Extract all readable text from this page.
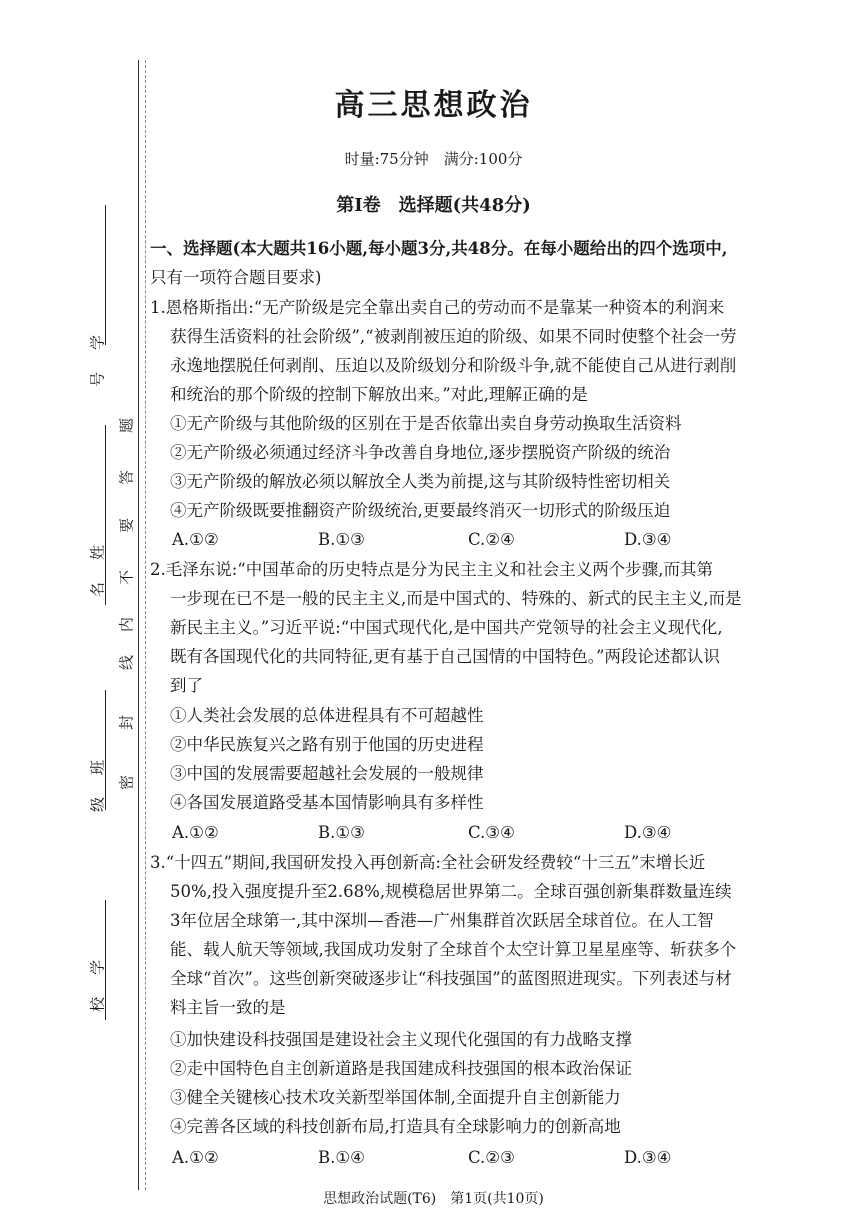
学
号
姓
名
班
级
学
校
密
封
线
内
不
要
答
题
高三思想政治
时量:75分钟　满分:100分
第Ⅰ卷　选择题(共48分)
一、选择题(本大题共16小题,每小题3分,共48分。在每小题给出的四个选项中,
只有一项符合题目要求)
1.恩格斯指出:“无产阶级是完全靠出卖自己的劳动而不是靠某一种资本的利润来
获得生活资料的社会阶级”,“被剥削被压迫的阶级、如果不同时使整个社会一劳
永逸地摆脱任何剥削、压迫以及阶级划分和阶级斗争,就不能使自己从进行剥削
和统治的那个阶级的控制下解放出来。”对此,理解正确的是
①无产阶级与其他阶级的区别在于是否依靠出卖自身劳动换取生活资料
②无产阶级必须通过经济斗争改善自身地位,逐步摆脱资产阶级的统治
③无产阶级的解放必须以解放全人类为前提,这与其阶级特性密切相关
④无产阶级既要推翻资产阶级统治,更要最终消灭一切形式的阶级压迫
A.①②	B.①③	C.②④	D.③④
2.毛泽东说:“中国革命的历史特点是分为民主主义和社会主义两个步骤,而其第
一步现在已不是一般的民主主义,而是中国式的、特殊的、新式的民主主义,而是
新民主主义。”习近平说:“中国式现代化,是中国共产党领导的社会主义现代化,
既有各国现代化的共同特征,更有基于自己国情的中国特色。”两段论述都认识
到了
①人类社会发展的总体进程具有不可超越性
②中华民族复兴之路有别于他国的历史进程
③中国的发展需要超越社会发展的一般规律
④各国发展道路受基本国情影响具有多样性
A.①②	B.①③	C.③④	D.③④
3.“十四五”期间,我国研发投入再创新高:全社会研发经费较“十三五”末增长近
50%,投入强度提升至2.68%,规模稳居世界第二。全球百强创新集群数量连续
3年位居全球第一,其中深圳—香港—广州集群首次跃居全球首位。在人工智
能、载人航天等领域,我国成功发射了全球首个太空计算卫星星座等、斩获多个
全球“首次”。这些创新突破逐步让“科技强国”的蓝图照进现实。下列表述与材
料主旨一致的是
①加快建设科技强国是建设社会主义现代化强国的有力战略支撑
②走中国特色自主创新道路是我国建成科技强国的根本政治保证
③健全关键核心技术攻关新型举国体制,全面提升自主创新能力
④完善各区域的科技创新布局,打造具有全球影响力的创新高地
A.①②	B.①④	C.②③	D.③④
思想政治试题(T6)　第1页(共10页)
